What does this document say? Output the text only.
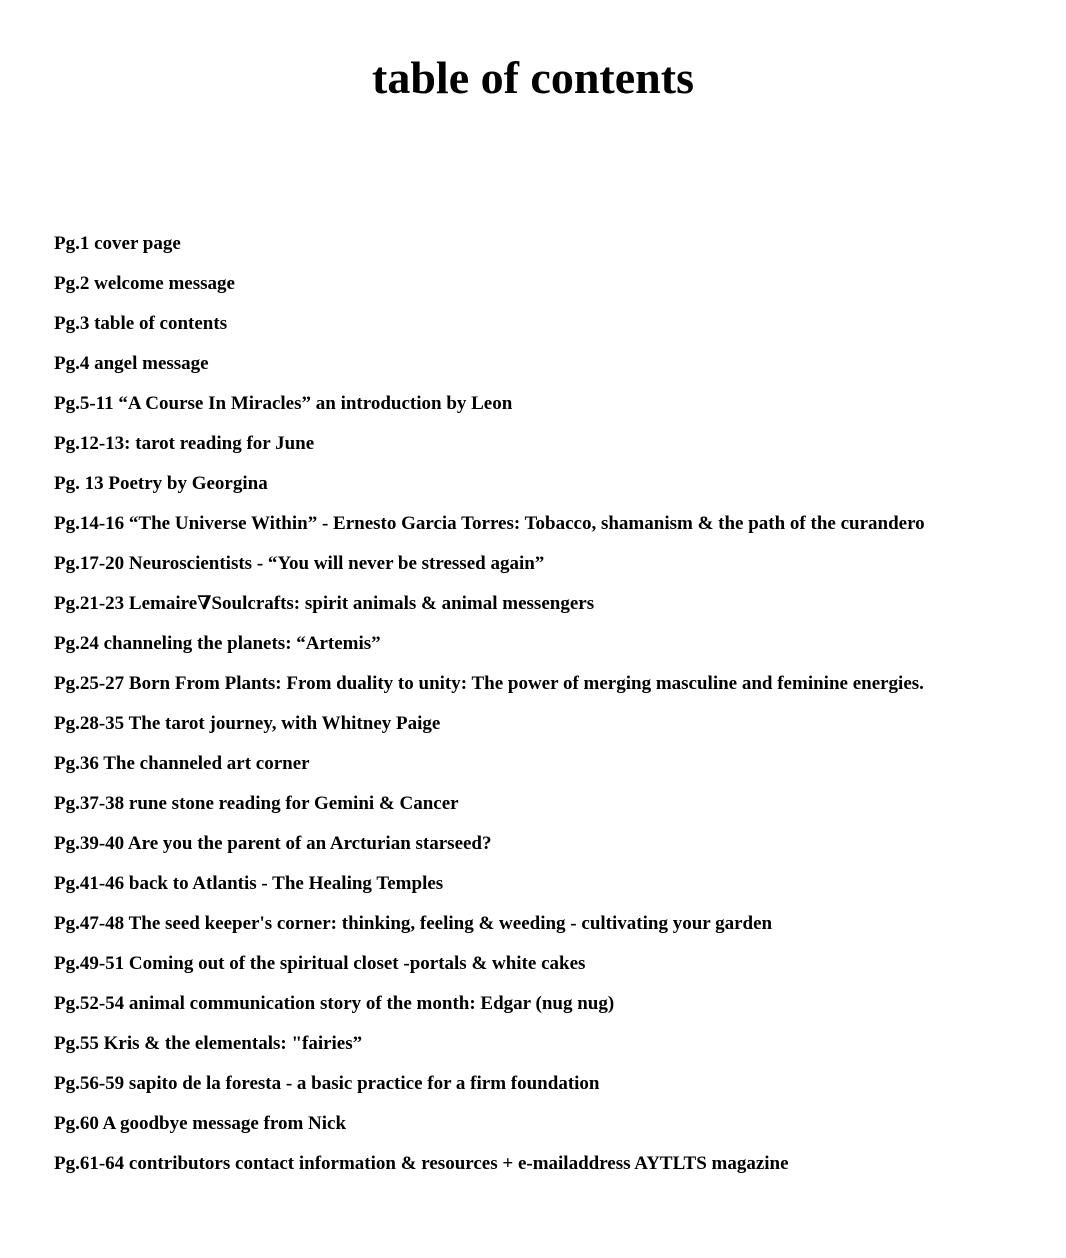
table of contents
Pg.1 cover page
Pg.2 welcome message
Pg.3 table of contents
Pg.4 angel message
Pg.5-11 “A Course In Miracles” an introduction by Leon
Pg.12-13: tarot reading for June
Pg. 13 Poetry by Georgina
Pg.14-16 “The Universe Within” - Ernesto Garcia Torres: Tobacco, shamanism & the path of the curandero
Pg.17-20 Neuroscientists - “You will never be stressed again”
Pg.21-23 Lemaire∇Soulcrafts: spirit animals & animal messengers
Pg.24 channeling the planets: “Artemis”
Pg.25-27 Born From Plants: From duality to unity: The power of merging masculine and feminine energies.
Pg.28-35 The tarot journey, with Whitney Paige
Pg.36 The channeled art corner
Pg.37-38 rune stone reading for Gemini & Cancer
Pg.39-40 Are you the parent of an Arcturian starseed?
Pg.41-46 back to Atlantis - The Healing Temples
Pg.47-48 The seed keeper's corner: thinking, feeling & weeding - cultivating your garden
Pg.49-51 Coming out of the spiritual closet -portals & white cakes
Pg.52-54 animal communication story of the month: Edgar (nug nug)
Pg.55 Kris & the elementals: "fairies”
Pg.56-59 sapito de la foresta - a basic practice for a firm foundation
Pg.60 A goodbye message from Nick
Pg.61-64 contributors contact information & resources + e-mailaddress AYTLTS magazine
